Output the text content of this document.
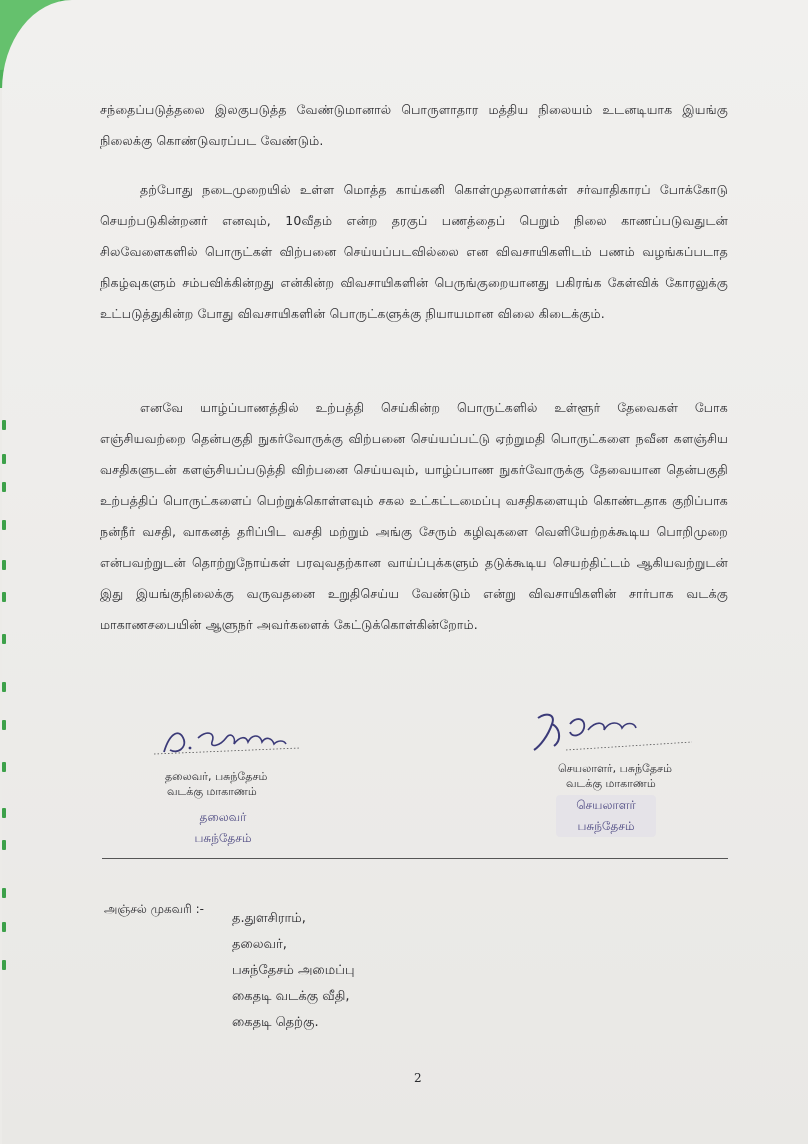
சந்தைப்படுத்தலை இலகுபடுத்த வேண்டுமானால் பொருளாதார மத்திய நிலையம் உடனடியாக இயங்கு நிலைக்கு கொண்டுவரப்பட வேண்டும்.

தற்போது நடைமுறையில் உள்ள மொத்த காய்கனி கொள்முதலாளர்கள் சர்வாதிகாரப் போக்கோடு செயற்படுகின்றனர் எனவும், 10வீதம் என்ற தரகுப் பணத்தைப் பெறும் நிலை காணப்படுவதுடன் சிலவேளைகளில் பொருட்கள் விற்பனை செய்யப்படவில்லை என விவசாயிகளிடம் பணம் வழங்கப்படாத நிகழ்வுகளும் சம்பவிக்கின்றது என்கின்ற விவசாயிகளின் பெருங்குறையானது பகிரங்க கேள்விக் கோரலுக்கு உட்படுத்துகின்ற போது விவசாயிகளின் பொருட்களுக்கு நியாயமான விலை கிடைக்கும்.

எனவே யாழ்ப்பாணத்தில் உற்பத்தி செய்கின்ற பொருட்களில் உள்ளூர் தேவைகள் போக எஞ்சியவற்றை தென்பகுதி நுகர்வோருக்கு விற்பனை செய்யப்பட்டு ஏற்றுமதி பொருட்களை நவீன களஞ்சிய வசதிகளுடன் களஞ்சியப்படுத்தி விற்பனை செய்யவும், யாழ்ப்பாண நுகர்வோருக்கு தேவையான தென்பகுதி உற்பத்திப் பொருட்களைப் பெற்றுக்கொள்ளவும் சகல உட்கட்டமைப்பு வசதிகளையும் கொண்டதாக குறிப்பாக நன்நீர் வசதி, வாகனத் தரிப்பிட வசதி மற்றும் அங்கு சேரும் கழிவுகளை வெளியேற்றக்கூடிய பொறிமுறை என்பவற்றுடன் தொற்றுநோய்கள் பரவுவதற்கான வாய்ப்புக்களும் தடுக்கூடிய செயற்திட்டம் ஆகியவற்றுடன் இது இயங்குநிலைக்கு வருவதனை உறுதிசெய்ய வேண்டும் என்று விவசாயிகளின் சார்பாக வடக்கு மாகாணசபையின் ஆளுநர் அவர்களைக் கேட்டுக்கொள்கின்றோம்.

தலைவர், பசுந்தேசம்
வடக்கு மாகாணம்
தலைவர்
பசுந்தேசம்
செயலாளர், பசுந்தேசம்
வடக்கு மாகாணம்
செயலாளர்
பசுந்தேசம்
அஞ்சல் முகவரி :-
த.துளசிராம்,
தலைவர்,
பசுந்தேசம் அமைப்பு
கைதடி வடக்கு வீதி,
கைதடி தெற்கு.
2
